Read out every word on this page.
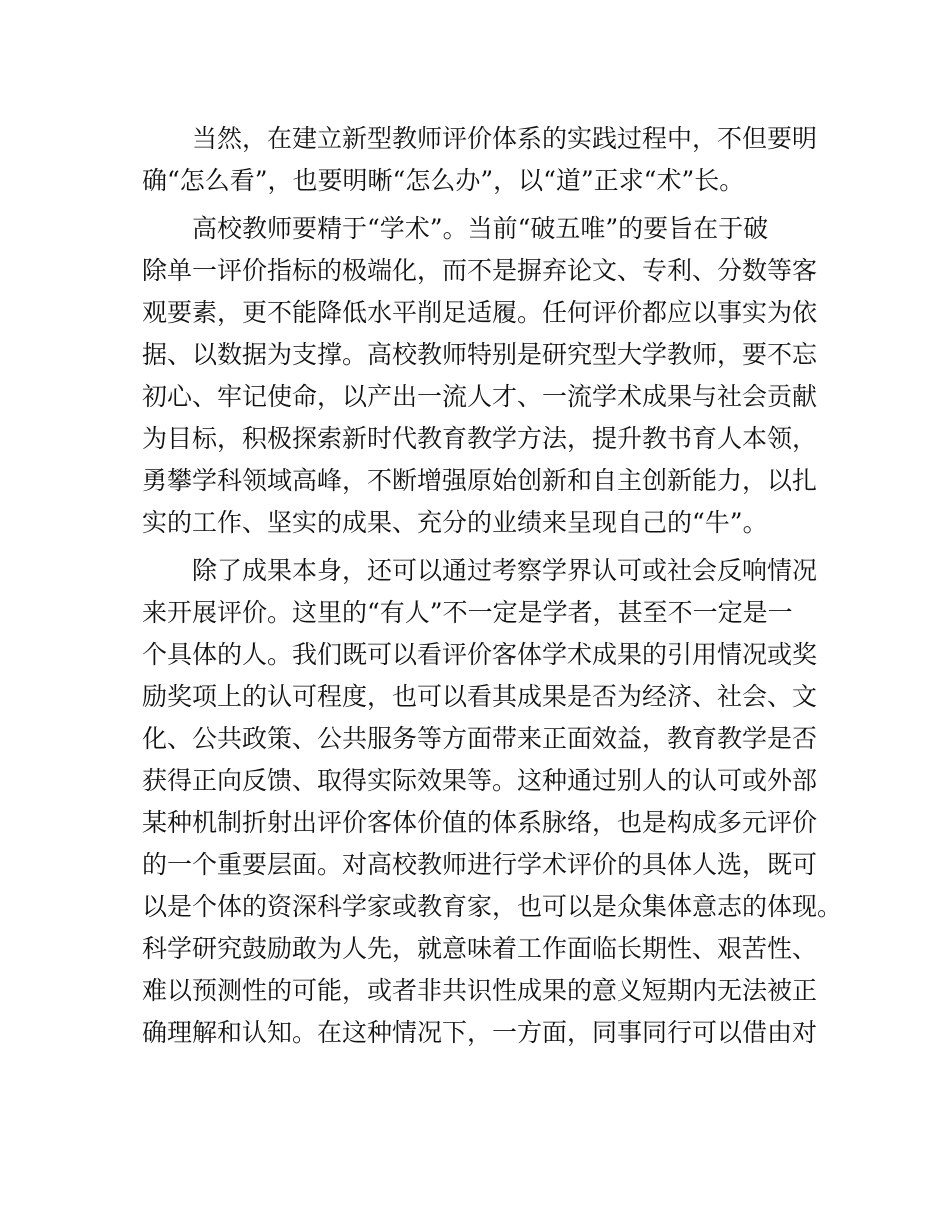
　　当然，在建立新型教师评价体系的实践过程中，不但要明
确“怎么看”，也要明晰“怎么办”，以“道”正求“术”长。
　　高校教师要精于“学术”。当前“破五唯”的要旨在于破
除单一评价指标的极端化，而不是摒弃论文、专利、分数等客
观要素，更不能降低水平削足适履。任何评价都应以事实为依
据、以数据为支撑。高校教师特别是研究型大学教师，要不忘
初心、牢记使命，以产出一流人才、一流学术成果与社会贡献
为目标，积极探索新时代教育教学方法，提升教书育人本领，
勇攀学科领域高峰，不断增强原始创新和自主创新能力，以扎
实的工作、坚实的成果、充分的业绩来呈现自己的“牛”。
　　除了成果本身，还可以通过考察学界认可或社会反响情况
来开展评价。这里的“有人”不一定是学者，甚至不一定是一
个具体的人。我们既可以看评价客体学术成果的引用情况或奖
励奖项上的认可程度，也可以看其成果是否为经济、社会、文
化、公共政策、公共服务等方面带来正面效益，教育教学是否
获得正向反馈、取得实际效果等。这种通过别人的认可或外部
某种机制折射出评价客体价值的体系脉络，也是构成多元评价
的一个重要层面。对高校教师进行学术评价的具体人选，既可
以是个体的资深科学家或教育家，也可以是众集体意志的体现。
科学研究鼓励敢为人先，就意味着工作面临长期性、艰苦性、
难以预测性的可能，或者非共识性成果的意义短期内无法被正
确理解和认知。在这种情况下，一方面，同事同行可以借由对
